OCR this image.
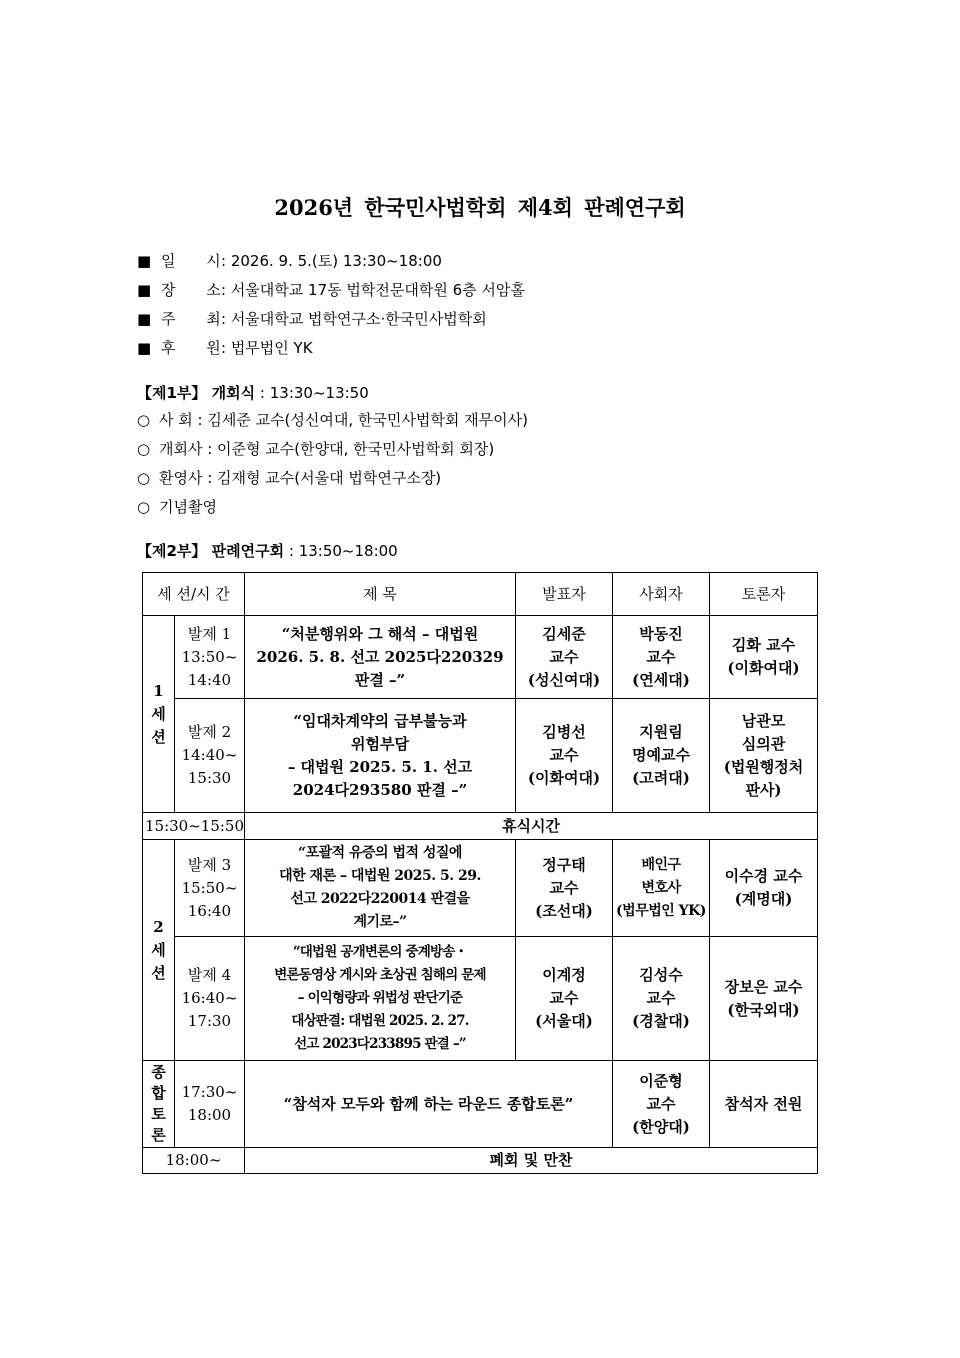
2026년 한국민사법학회 제4회 판례연구회
■ 일 시: 2026. 9. 5.(토) 13:30~18:00
■ 장 소: 서울대학교 17동 법학전문대학원 6층 서암홀
■ 주 최: 서울대학교 법학연구소·한국민사법학회
■ 후 원: 법무법인 YK
【제1부】 개회식 : 13:30~13:50
○ 사 회 : 김세준 교수(성신여대, 한국민사법학회 재무이사)
○ 개회사 : 이준형 교수(한양대, 한국민사법학회 회장)
○ 환영사 : 김재형 교수(서울대 법학연구소장)
○ 기념촬영
【제2부】 판례연구회 : 13:50~18:00
세 션/시 간		제 목	발표자	사회자	토론자

1
세
션	발제 1
13:50~
14:40	“처분행위와 그 해석 – 대법원
2026. 5. 8. 선고 2025다220329
판결 –”	김세준
교수
(성신여대)	박동진
교수
(연세대)	김화 교수
(이화여대)

	발제 2
14:40~
15:30	“임대차계약의 급부불능과
위험부담
– 대법원 2025. 5. 1. 선고
2024다293580 판결 –”	김병선
교수
(이화여대)	지원림
명예교수
(고려대)	남관모
심의관
(법원행정처
판사)

15:30~15:50		휴식시간			

2
세
션	발제 3
15:50~
16:40	“포괄적 유증의 법적 성질에
대한 재론 – 대법원 2025. 5. 29.
선고 2022다220014 판결을
계기로–”	정구태
교수
(조선대)	배인구
변호사
(법무법인 YK)	이수경 교수
(계명대)

	발제 4
16:40~
17:30	“대법원 공개변론의 중계방송・
변론동영상 게시와 초상권 침해의 문제
– 이익형량과 위법성 판단기준
대상판결: 대법원 2025. 2. 27.
선고 2023다233895 판결 –”	이계정
교수
(서울대)	김성수
교수
(경찰대)	장보은 교수
(한국외대)

종
합
토
론	17:30~
18:00	“참석자 모두와 함께 하는 라운드 종합토론”		이준형
교수
(한양대)	참석자 전원
18:00~		폐회 및 만찬			
